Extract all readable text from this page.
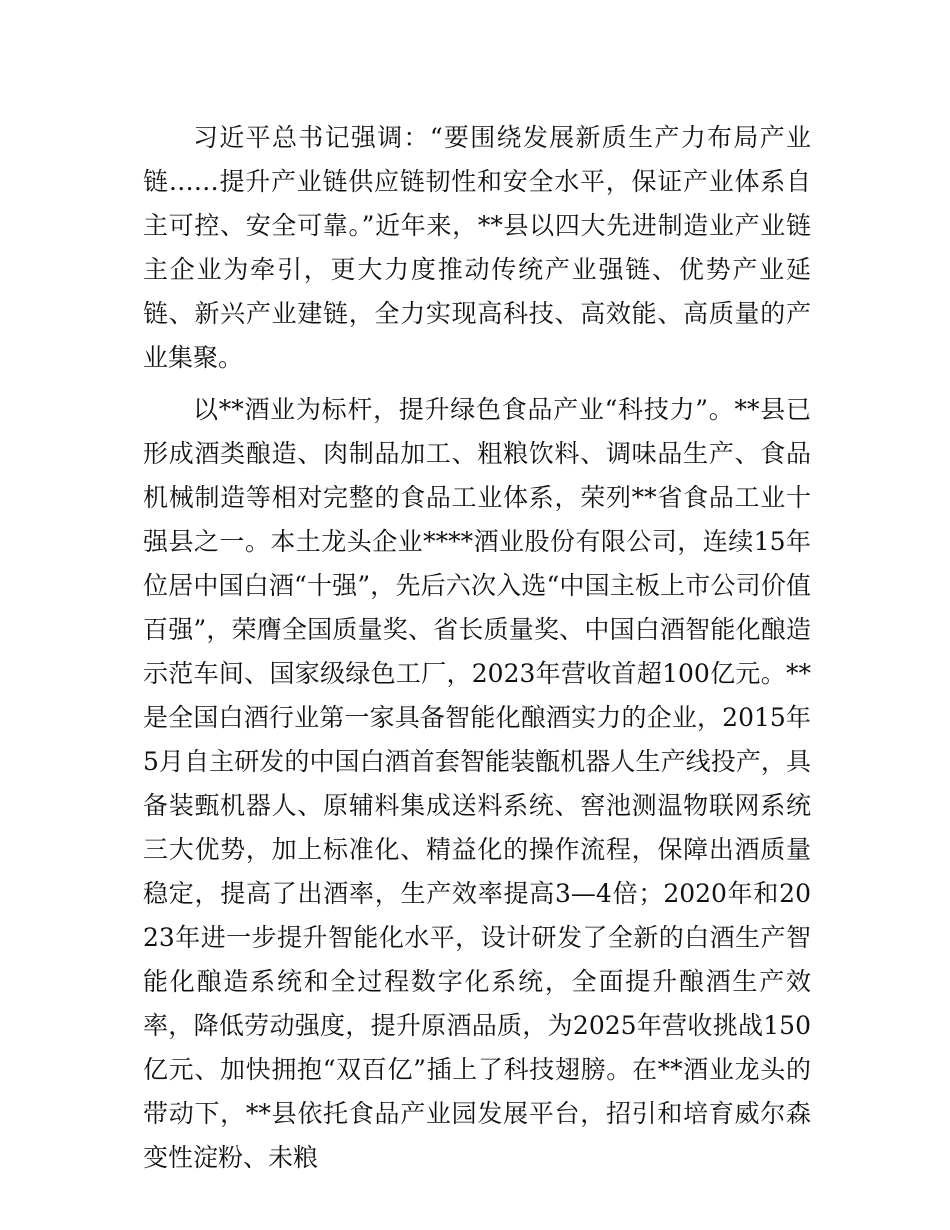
习近平总书记强调：“要围绕发展新质生产力布局产业链……提升产业链供应链韧性和安全水平，保证产业体系自主可控、安全可靠。”近年来，**县以四大先进制造业产业链主企业为牵引，更大力度推动传统产业强链、优势产业延链、新兴产业建链，全力实现高科技、高效能、高质量的产业集聚。

以**酒业为标杆，提升绿色食品产业“科技力”。**县已形成酒类酿造、肉制品加工、粗粮饮料、调味品生产、食品机械制造等相对完整的食品工业体系，荣列**省食品工业十强县之一。本土龙头企业****酒业股份有限公司，连续15年位居中国白酒“十强”，先后六次入选“中国主板上市公司价值百强”，荣膺全国质量奖、省长质量奖、中国白酒智能化酿造示范车间、国家级绿色工厂，2023年营收首超100亿元。**是全国白酒行业第一家具备智能化酿酒实力的企业，2015年5月自主研发的中国白酒首套智能装甑机器人生产线投产，具备装甄机器人、原辅料集成送料系统、窖池测温物联网系统三大优势，加上标准化、精益化的操作流程，保障出酒质量稳定，提高了出酒率，生产效率提高3—4倍；2020年和2023年进一步提升智能化水平，设计研发了全新的白酒生产智能化酿造系统和全过程数字化系统，全面提升酿酒生产效率，降低劳动强度，提升原酒品质，为2025年营收挑战150亿元、加快拥抱“双百亿”插上了科技翅膀。在**酒业龙头的带动下，**县依托食品产业园发展平台，招引和培育威尔森变性淀粉、未粮
